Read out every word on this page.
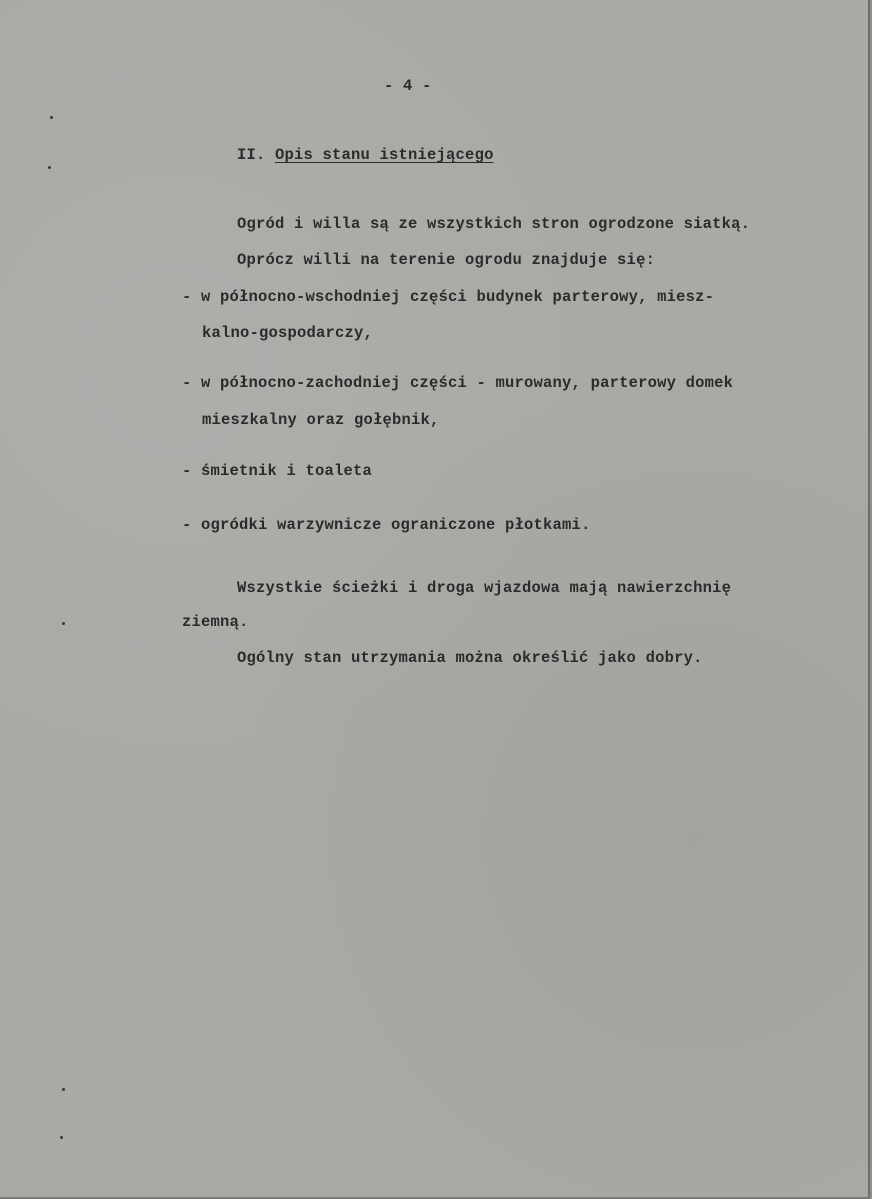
- 4 -
II. Opis stanu istniejącego
Ogród i willa są ze wszystkich stron ogrodzone siatką.
Oprócz willi na terenie ogrodu znajduje się:
- w północno-wschodniej części budynek parterowy, miesz-
kalno-gospodarczy,
- w północno-zachodniej części - murowany, parterowy domek
mieszkalny oraz gołębnik,
- śmietnik i toaleta
- ogródki warzywnicze ograniczone płotkami.
Wszystkie ścieżki i droga wjazdowa mają nawierzchnię
ziemną.
Ogólny stan utrzymania można określić jako dobry.
